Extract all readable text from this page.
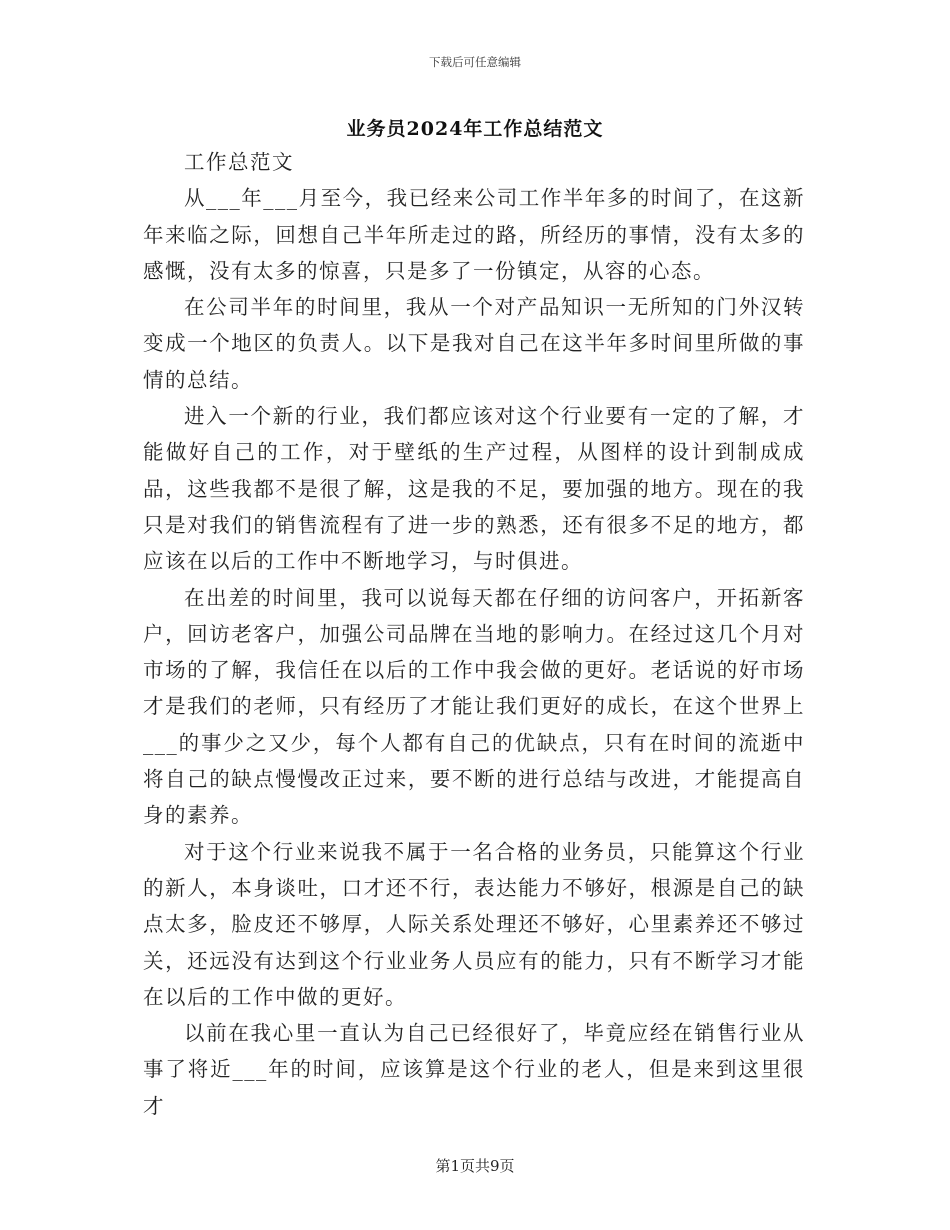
下载后可任意编辑
业务员2024年工作总结范文

工作总范文

从___年___月至今，我已经来公司工作半年多的时间了，在这新年来临之际，回想自己半年所走过的路，所经历的事情，没有太多的感慨，没有太多的惊喜，只是多了一份镇定，从容的心态。

在公司半年的时间里，我从一个对产品知识一无所知的门外汉转变成一个地区的负责人。以下是我对自己在这半年多时间里所做的事情的总结。

进入一个新的行业，我们都应该对这个行业要有一定的了解，才能做好自己的工作，对于壁纸的生产过程，从图样的设计到制成成品，这些我都不是很了解，这是我的不足，要加强的地方。现在的我只是对我们的销售流程有了进一步的熟悉，还有很多不足的地方，都应该在以后的工作中不断地学习，与时俱进。

在出差的时间里，我可以说每天都在仔细的访问客户，开拓新客户，回访老客户，加强公司品牌在当地的影响力。在经过这几个月对市场的了解，我信任在以后的工作中我会做的更好。老话说的好市场才是我们的老师，只有经历了才能让我们更好的成长，在这个世界上___的事少之又少，每个人都有自己的优缺点，只有在时间的流逝中将自己的缺点慢慢改正过来，要不断的进行总结与改进，才能提高自身的素养。

对于这个行业来说我不属于一名合格的业务员，只能算这个行业的新人，本身谈吐，口才还不行，表达能力不够好，根源是自己的缺点太多，脸皮还不够厚，人际关系处理还不够好，心里素养还不够过关，还远没有达到这个行业业务人员应有的能力，只有不断学习才能在以后的工作中做的更好。

以前在我心里一直认为自己已经很好了，毕竟应经在销售行业从事了将近___年的时间，应该算是这个行业的老人，但是来到这里很才

第1页共9页
